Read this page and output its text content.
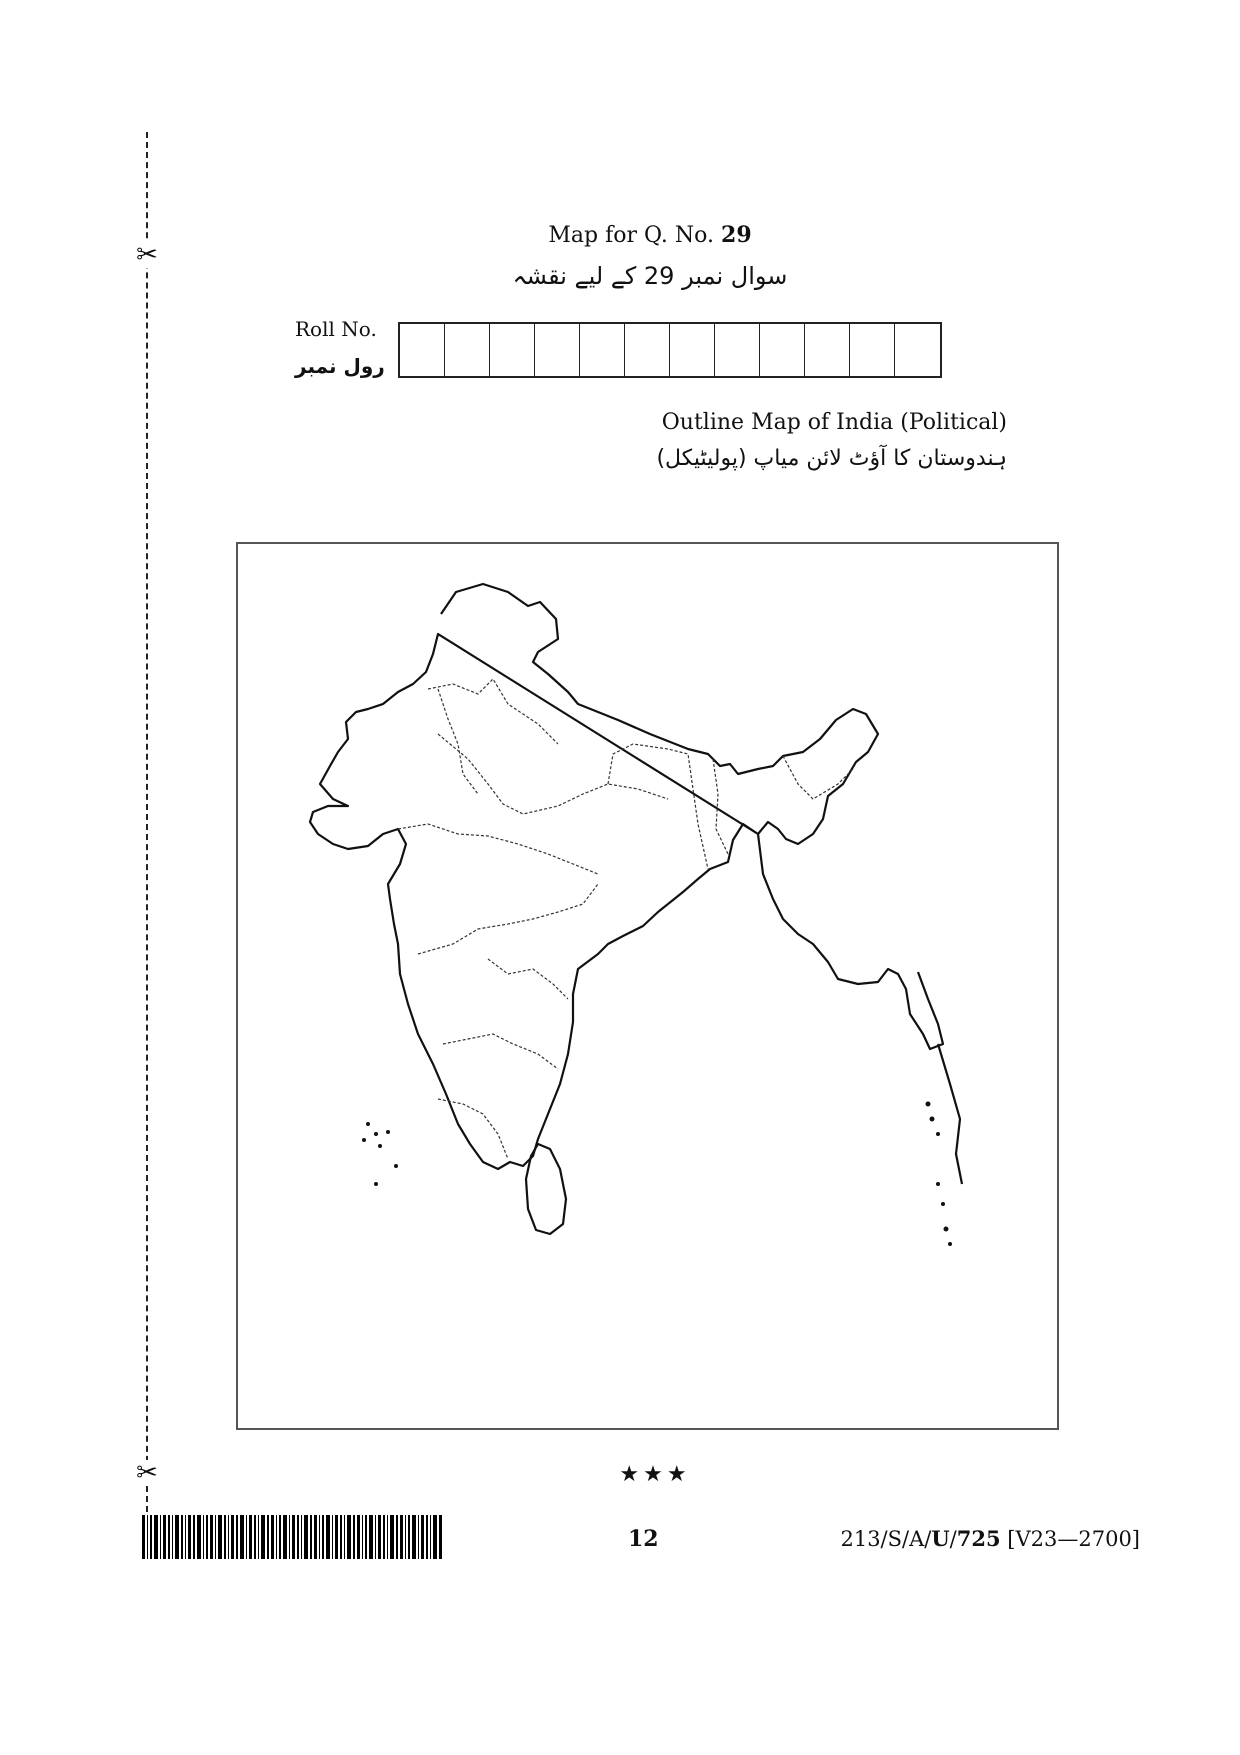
✂
✂
Map for Q. No. 29
سوال نمبر 29 کے لیے نقشہ
Roll No.
رول نمبر
Outline Map of India (Political)
ہندوستان کا آؤٹ لائن میاپ (پولیٹیکل)
★★★
12	213/S/A/U/725 [V23—2700]
